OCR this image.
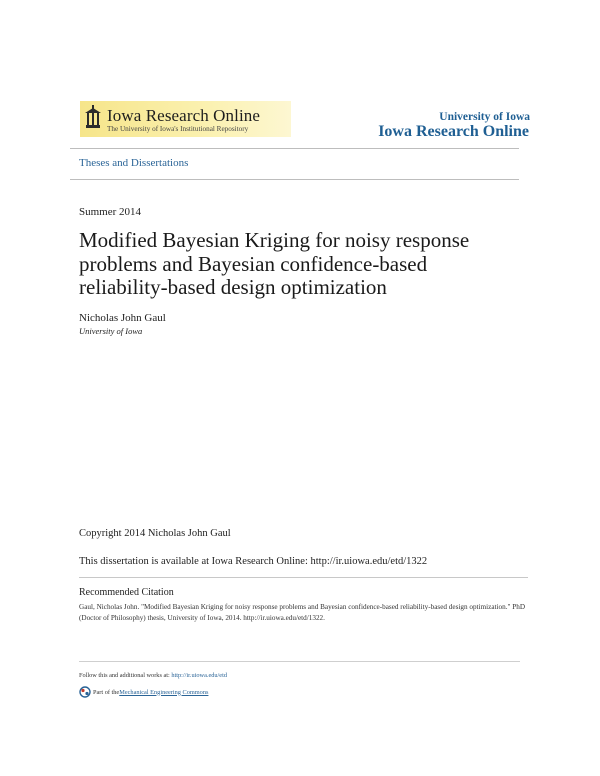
Iowa Research Online
The University of Iowa's Institutional Repository
University of Iowa
Iowa Research Online
Theses and Dissertations
Summer 2014
Modified Bayesian Kriging for noisy response problems and Bayesian confidence-based reliability-based design optimization
Nicholas John Gaul
University of Iowa
Copyright 2014 Nicholas John Gaul
This dissertation is available at Iowa Research Online: http://ir.uiowa.edu/etd/1322
Recommended Citation
Gaul, Nicholas John. "Modified Bayesian Kriging for noisy response problems and Bayesian confidence-based reliability-based design optimization." PhD (Doctor of Philosophy) thesis, University of Iowa, 2014. http://ir.uiowa.edu/etd/1322.
Follow this and additional works at: http://ir.uiowa.edu/etd
Part of the Mechanical Engineering Commons
